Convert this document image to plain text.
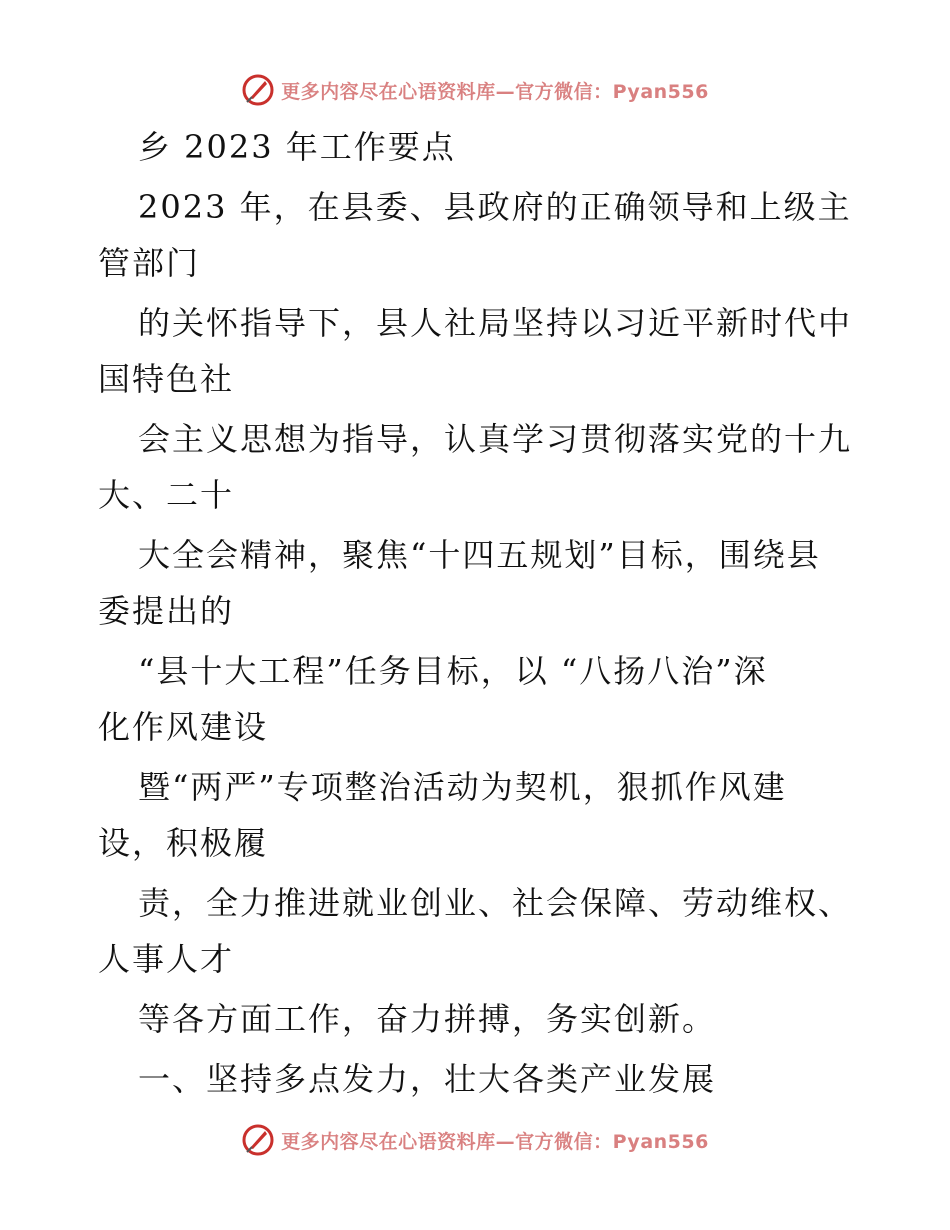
更多内容尽在心语资料库—官方微信：Pyan556
乡 2023 年工作要点
2023 年，在县委、县政府的正确领导和上级主
管部门
的关怀指导下，县人社局坚持以习近平新时代中
国特色社
会主义思想为指导，认真学习贯彻落实党的十九
大、二十
大全会精神，聚焦“十四五规划”目标，围绕县
委提出的
“县十大工程”任务目标，以 “八扬八治”深
化作风建设
暨“两严”专项整治活动为契机，狠抓作风建
设，积极履
责，全力推进就业创业、社会保障、劳动维权、
人事人才
等各方面工作，奋力拼搏，务实创新。
一、坚持多点发力，壮大各类产业发展
更多内容尽在心语资料库—官方微信：Pyan556
